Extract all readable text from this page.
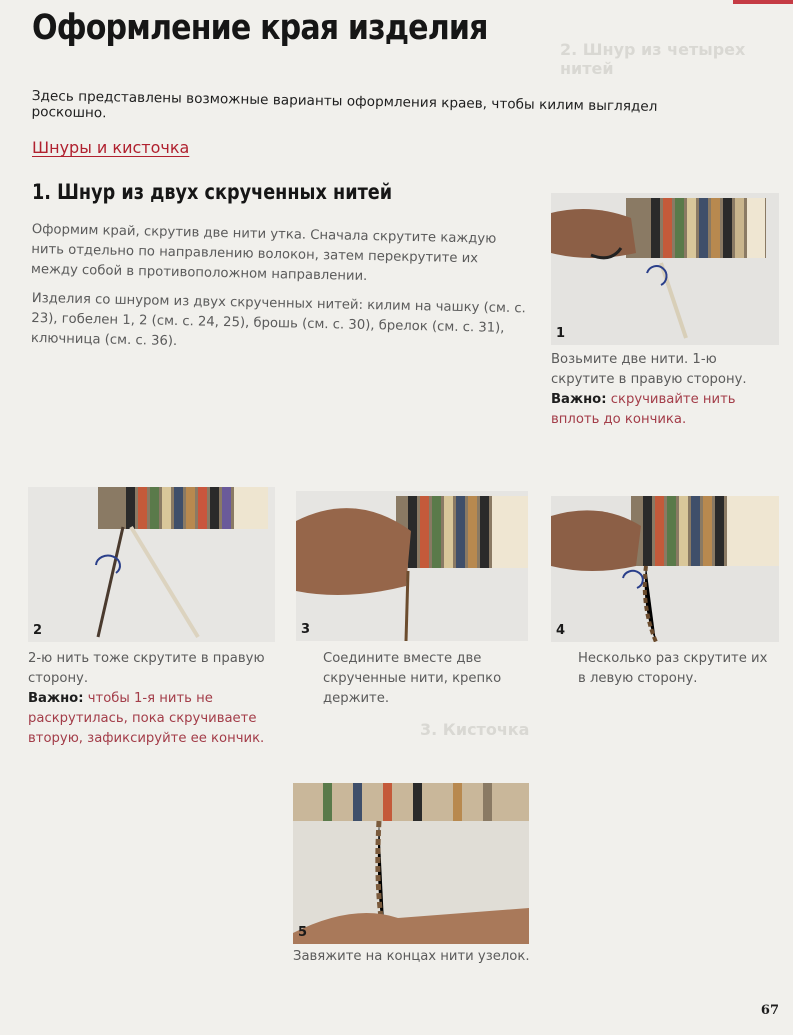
2. Шнур из четырех нитей
3. Кисточка
Оформление края изделия

Здесь представлены возможные варианты оформления краев, чтобы килим выглядел роскошно.

Шнуры и кисточка
1. Шнур из двух скрученных нитей

Оформим край, скрутив две нити утка. Сначала скрутите каждую нить отдельно по направлению волокон, затем перекрутите их между собой в противоположном направлении.

Изделия со шнуром из двух скрученных нитей: килим на чашку (см. с. 23), гобелен 1, 2 (см. с. 24, 25), брошь (см. с. 30), брелок (см. с. 31), ключница (см. с. 36).	1

Возьмите две нити. 1-ю скрутите в правую сторону.
Важно: скручивайте нить вплоть до кончика.

2

2-ю нить тоже скрутите в правую сторону.
Важно: чтобы 1-я нить не раскрутилась, пока скручиваете вторую, зафиксируйте ее кончик.

3

Соедините вместе две скрученные нити, крепко держите.

4

Несколько раз скрутите их в левую сторону.

5

Завяжите на концах нити узелок.

67
